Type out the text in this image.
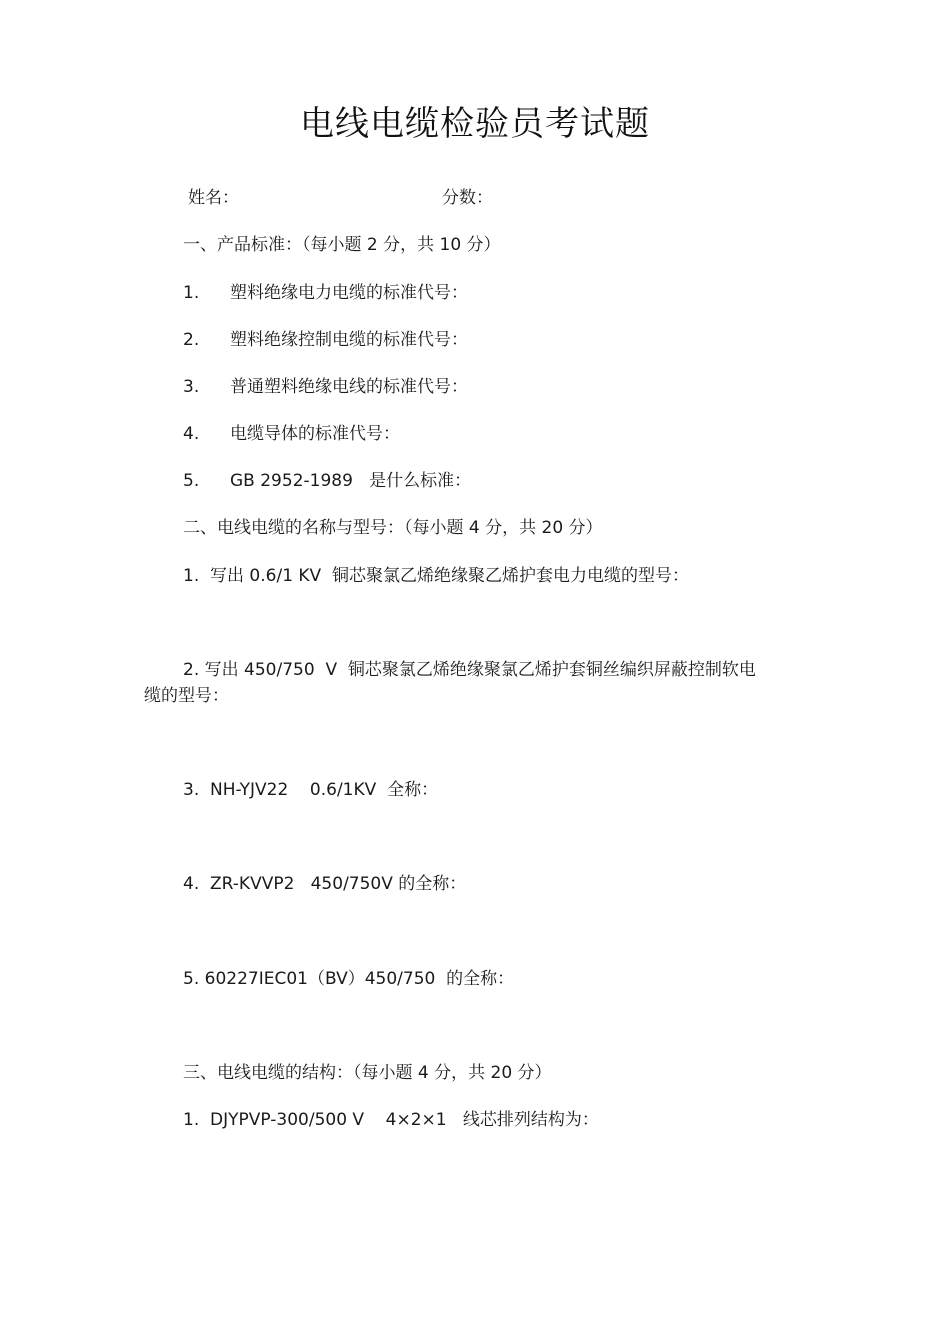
电线电缆检验员考试题
姓名：	分数：
一、产品标准：（每小题 2 分，共 10 分）
1. 塑料绝缘电力电缆的标准代号：
2. 塑料绝缘控制电缆的标准代号：
3. 普通塑料绝缘电线的标准代号：
4. 电缆导体的标准代号：
5. GB 2952-1989   是什么标准：
二、电线电缆的名称与型号：（每小题 4 分，共 20 分）
1.  写出 0.6/1 KV  铜芯聚氯乙烯绝缘聚乙烯护套电力电缆的型号：
2. 写出 450/750  V  铜芯聚氯乙烯绝缘聚氯乙烯护套铜丝编织屏蔽控制软电
缆的型号：
3.  NH-YJV22    0.6/1KV  全称：
4.  ZR-KVVP2   450/750V 的全称：
5. 60227IEC01（BV）450/750  的全称：
三、电线电缆的结构：（每小题 4 分，共 20 分）
1.  DJYPVP-300/500 V    4×2×1   线芯排列结构为：
